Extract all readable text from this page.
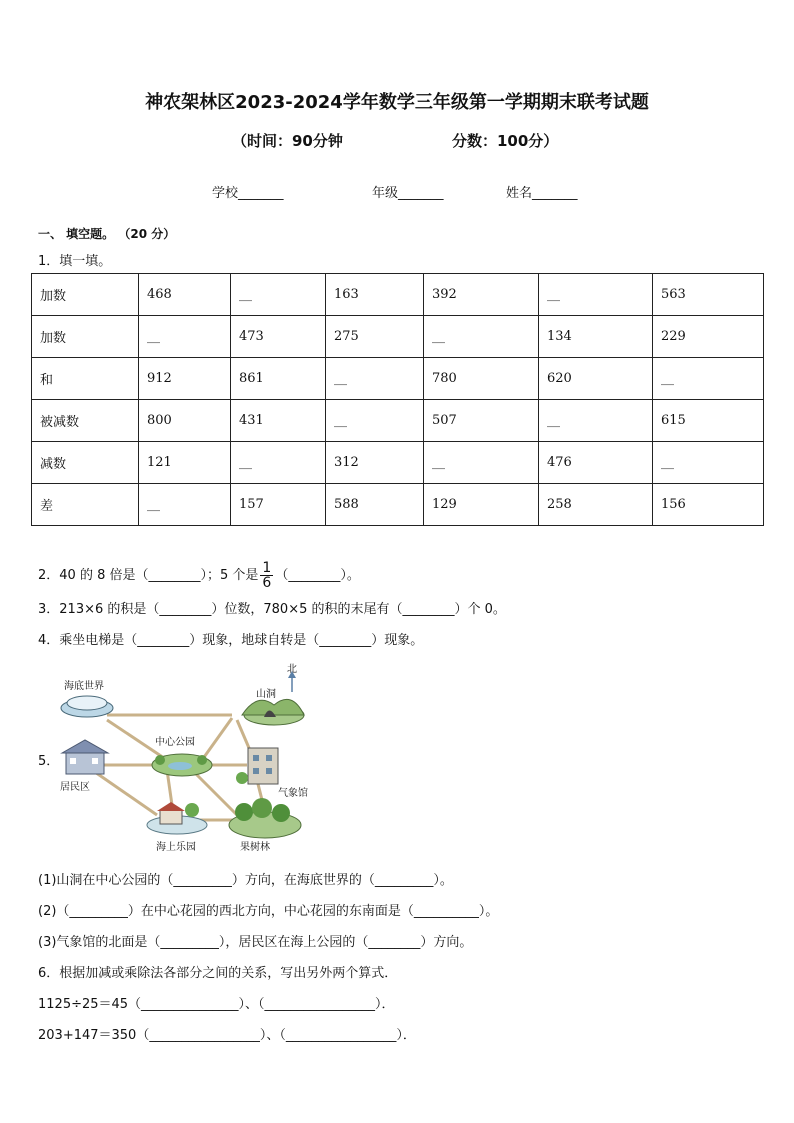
神农架林区2023-2024学年数学三年级第一学期期末联考试题
（时间：90分钟	分数：100分）
学校_______	年级_______	姓名_______
一、 填空题。 （20 分）
1．填一填。
加数	468	__	163	392	__	563
加数	__	473	275	__	134	229
和	912	861	__	780	620	__
被减数	800	431	__	507	__	615
减数	121	__	312	__	476	__
差	__	157	588	129	258	156
2．40 的 8 倍是（________）；5 个是 $\frac{1}{6}$ （________）。
3．213×6 的积是（________）位数，780×5 的积的末尾有（________）个 0。
4．乘坐电梯是（________）现象，地球自转是（________）现象。
5．
海底世界
山洞
北
中心公园
居民区
气象馆
海上乐园	果树林
(1)山洞在中心公园的（_________）方向，在海底世界的（_________）。
(2)（_________）在中心花园的西北方向，中心花园的东南面是（__________）。
(3)气象馆的北面是（_________），居民区在海上公园的（________）方向。
6．根据加减或乘除法各部分之间的关系，写出另外两个算式．
1125÷25＝45（_______________）、（_________________）．
203+147＝350（_________________）、（_________________）．
